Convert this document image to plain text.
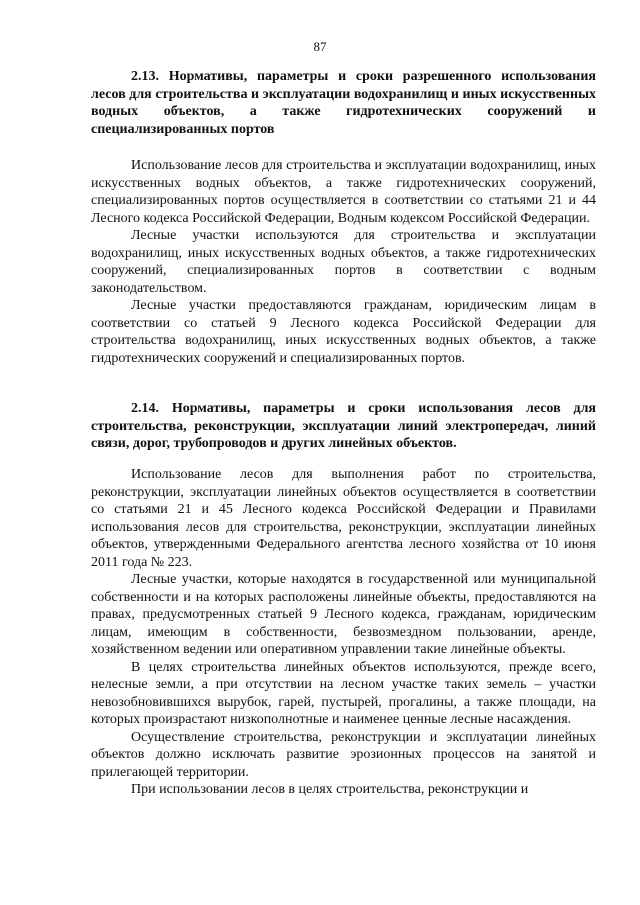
87
2.13. Нормативы, параметры и сроки разрешенного использования лесов для строительства и эксплуатации водохранилищ и иных искусственных водных объектов, а также гидротехнических сооружений и специализированных портов

Использование лесов для строительства и эксплуатации водохранилищ, иных искусственных водных объектов, а также гидротехнических сооружений, специализированных портов осуществляется в соответствии со статьями 21 и 44 Лесного кодекса Российской Федерации, Водным кодексом Российской Федерации.

Лесные участки используются для строительства и эксплуатации водохранилищ, иных искусственных водных объектов, а также гидротехнических сооружений, специализированных портов в соответствии с водным законодательством.

Лесные участки предоставляются гражданам, юридическим лицам в соответствии со статьей 9 Лесного кодекса Российской Федерации для строительства водохранилищ, иных искусственных водных объектов, а также гидротехнических сооружений и специализированных портов.

2.14. Нормативы, параметры и сроки использования лесов для строительства, реконструкции, эксплуатации линий электропередач, линий связи, дорог, трубопроводов и других линейных объектов.

Использование лесов для выполнения работ по строительства, реконструкции, эксплуатации линейных объектов осуществляется в соответствии со статьями 21 и 45 Лесного кодекса Российской Федерации и Правилами использования лесов для строительства, реконструкции, эксплуатации линейных объектов, утвержденными Федерального агентства лесного хозяйства от 10 июня 2011 года № 223.

Лесные участки, которые находятся в государственной или муниципальной собственности и на которых расположены линейные объекты, предоставляются на правах, предусмотренных статьей 9 Лесного кодекса, гражданам, юридическим лицам, имеющим в собственности, безвозмездном пользовании, аренде, хозяйственном ведении или оперативном управлении такие линейные объекты.

В целях строительства линейных объектов используются, прежде всего, нелесные земли, а при отсутствии на лесном участке таких земель – участки невозобновившихся вырубок, гарей, пустырей, прогалины, а также площади, на которых произрастают низкополнотные и наименее ценные лесные насаждения.

Осуществление строительства, реконструкции и эксплуатации линейных объектов должно исключать развитие эрозионных процессов на занятой и прилегающей территории.

При использовании лесов в целях строительства, реконструкции и
